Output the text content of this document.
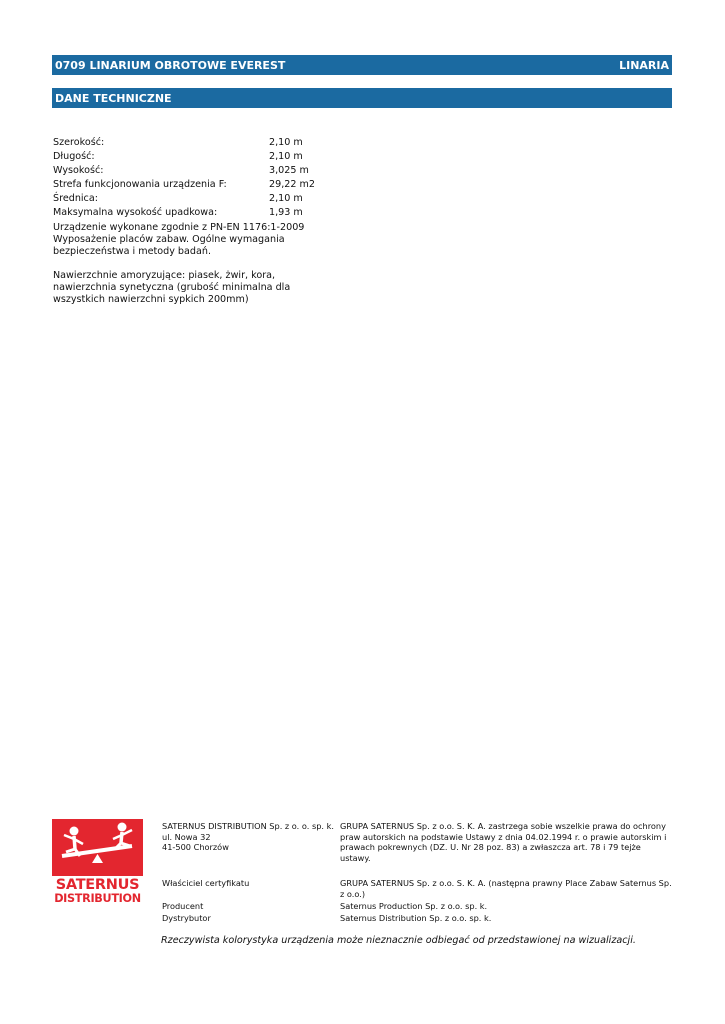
0709 LINARIUM OBROTOWE EVEREST	LINARIA
DANE TECHNICZNE
Szerokość:	2,10 m
Długość:	2,10 m
Wysokość:	3,025 m
Strefa funkcjonowania urządzenia F:	29,22 m2
Średnica:	2,10 m
Maksymalna wysokość upadkowa:	1,93 m

Urządzenie wykonane zgodnie z PN-EN 1176:1-2009 Wyposażenie placów zabaw. Ogólne wymagania bezpieczeństwa i metody badań.

Nawierzchnie amoryzujące: piasek, żwir, kora, nawierzchnia synetyczna (grubość minimalna dla wszystkich nawierzchni sypkich 200mm)

SATERNUS

DISTRIBUTION

SATERNUS DISTRIBUTION Sp. z o. o. sp. k.
ul. Nowa 32
41-500 Chorzów
GRUPA SATERNUS Sp. z o.o. S. K. A. zastrzega sobie wszelkie prawa do ochrony praw autorskich na podstawie Ustawy z dnia 04.02.1994 r. o prawie autorskim i prawach pokrewnych (DZ. U. Nr 28 poz. 83) a zwłaszcza art. 78 i 79 tejże ustawy.
Właściciel certyfikatu	GRUPA SATERNUS Sp. z o.o. S. K. A. (następna prawny Place Zabaw Saternus Sp. z o.o.)
Producent	Saternus Production Sp. z o.o. sp. k.
Dystrybutor	Saternus Distribution Sp. z o.o. sp. k.
Rzeczywista kolorystyka urządzenia może nieznacznie odbiegać od przedstawionej na wizualizacji.
